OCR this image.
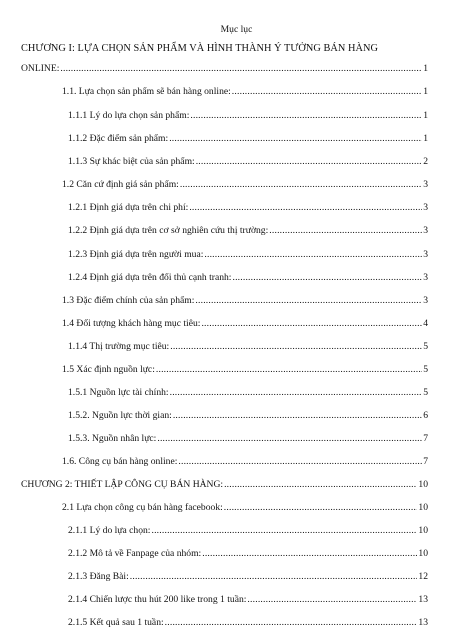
Mục lục
CHƯƠNG I: LỰA CHỌN SẢN PHẨM VÀ HÌNH THÀNH Ý TƯỞNG BÁN HÀNG
ONLINE: .....	1
1.1. Lựa chọn sản phẩm sẽ bán hàng online: .....	1
1.1.1 Lý do lựa chọn sản phẩm: .....	1
1.1.2 Đặc điểm sản phẩm: .....	1
1.1.3 Sự khác biệt của sản phẩm: .....	2
1.2 Căn cứ định giá sản phẩm: .....	3
1.2.1 Định giá dựa trên chi phí: .....	3
1.2.2 Định giá dựa trên cơ sở nghiên cứu thị trường: .....	3
1.2.3 Định giá dựa trên người mua: .....	3
1.2.4 Định giá dựa trên đối thủ cạnh tranh: .....	3
1.3 Đặc điểm chính của sản phẩm: .....	3
1.4 Đối tượng khách hàng mục tiêu: .....	4
1.1.4 Thị trường mục tiêu: .....	5
1.5 Xác định nguồn lực: .....	5
1.5.1 Nguồn lực tài chính: .....	5
1.5.2. Nguồn lực thời gian: .....	6
1.5.3. Nguồn nhân lực: .....	7
1.6. Công cụ bán hàng online: .....	7
CHƯƠNG 2: THIẾT LẬP CÔNG CỤ BÁN HÀNG: .....	10
2.1 Lựa chọn công cụ bán hàng facebook: .....	10
2.1.1 Lý do lựa chọn: .....	10
2.1.2 Mô tả về Fanpage của nhóm: .....	10
2.1.3 Đăng Bài: .....	12
2.1.4 Chiến lược thu hút 200 like trong 1 tuần: .....	13
2.1.5 Kết quả sau 1 tuần: .....	13
